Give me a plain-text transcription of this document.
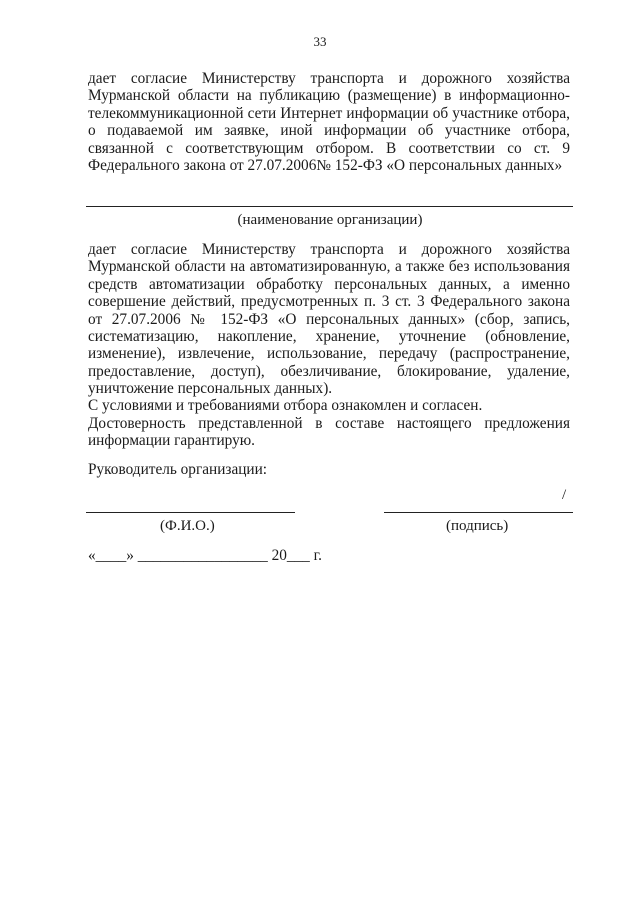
33

дает согласие Министерству транспорта и дорожного хозяйства Мурманской области на публикацию (размещение) в информационно-телекоммуникационной сети Интернет информации об участнике отбора, о подаваемой им заявке, иной информации об участнике отбора, связанной с соответствующим отбором. В соответствии со ст. 9 Федерального закона от 27.07.2006№ 152-ФЗ «О персональных данных»

(наименование организации)

дает согласие Министерству транспорта и дорожного хозяйства Мурманской области на автоматизированную, а также без использования средств автоматизации обработку персональных данных, а именно совершение действий, предусмотренных п. 3 ст. 3 Федерального закона от 27.07.2006 № 152-ФЗ «О персональных данных» (сбор, запись, систематизацию, накопление, хранение, уточнение (обновление, изменение), извлечение, использование, передачу (распространение, предоставление, доступ), обезличивание, блокирование, удаление, уничтожение персональных данных).

С условиями и требованиями отбора ознакомлен и согласен.

Достоверность представленной в составе настоящего предложения информации гарантирую.

Руководитель организации:
/
(Ф.И.О.)	(подпись)
«____» _________________ 20___ г.
